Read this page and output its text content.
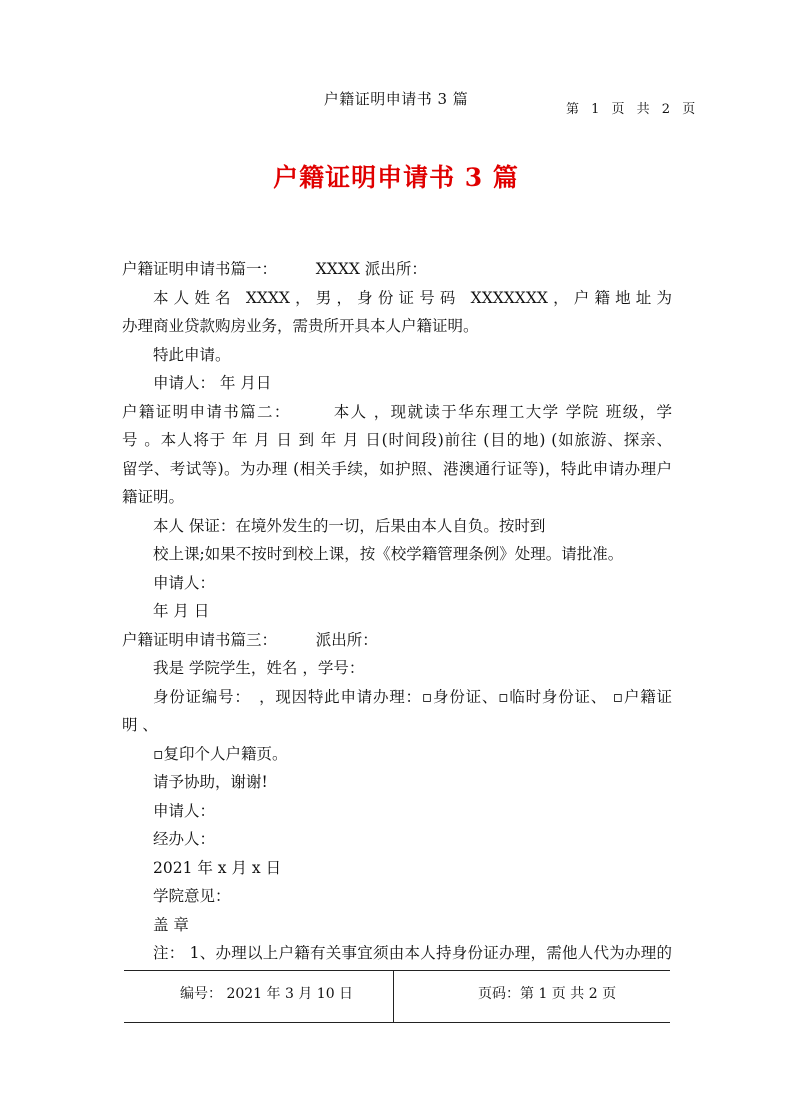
户籍证明申请书 3 篇
第 1 页 共 2 页
户籍证明申请书 3 篇
户籍证明申请书篇一：　　　XXXX 派出所：
本人姓名 XXXX，男，身份证号码 XXXXXXX，户籍地址为
办理商业贷款购房业务，需贵所开具本人户籍证明。
特此申请。
申请人： 年 月日
户籍证明申请书篇二：　　　本人 ，现就读于华东理工大学 学院 班级，学
号 。本人将于 年 月 日 到 年 月 日(时间段)前往 (目的地) (如旅游、探亲、
留学、考试等)。为办理 (相关手续，如护照、港澳通行证等)，特此申请办理户
籍证明。
本人 保证：在境外发生的一切，后果由本人自负。按时到
校上课;如果不按时到校上课，按《校学籍管理条例》处理。请批准。
申请人：
年 月 日
户籍证明申请书篇三：　　　派出所：
我是 学院学生，姓名 ，学号：
身份证编号：　，现因特此申请办理：▫身份证、▫临时身份证、 ▫户籍证
明 、
▫复印个人户籍页。
请予协助，谢谢!
申请人：
经办人：
2021 年 x 月 x 日
学院意见：
盖 章
注： 1、办理以上户籍有关事宜须由本人持身份证办理，需他人代为办理的
编号： 2021 年 3 月 10 日	页码：第 1 页 共 2 页
